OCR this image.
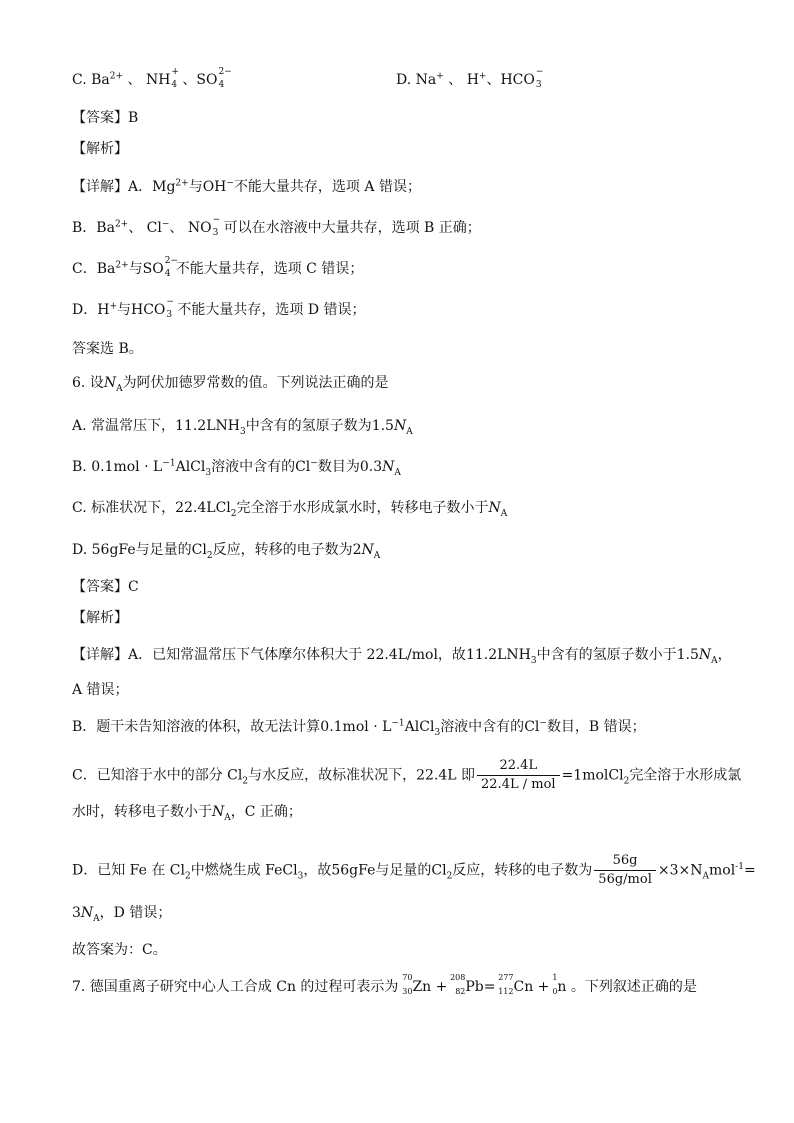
C. $Ba^{2+}$ 、 NH +
4 、SO 2−
4	D. Na+ 、 H+、HCO −
3
【答案】B
【解析】
【详解】A．$Mg^{2+}$与OH−不能大量共存，选项 A 错误；
B．$Ba^{2+}$、 Cl−、 NO −
3 可以在水溶液中大量共存，选项 B 正确；
C．$Ba^{2+}$与SO 2−
4 不能大量共存，选项 C 错误；
D．H+与HCO −
3 不能大量共存，选项 D 错误；
答案选 B。
6. 设$N_A$为阿伏加德罗常数的值。下列说法正确的是
A. 常温常压下，$11.2LNH_3$中含有的氢原子数为$1.5N_A$
B. $0.1mol \cdot L^{-1}AlCl_3$溶液中含有的Cl−数目为$0.3N_A$
C. 标准状况下，22.4LCl$_2$完全溶于水形成氯水时，转移电子数小于$N_A$
D. 56gFe与足量的$Cl_2$反应，转移的电子数为$2N_A$
【答案】C
【解析】
【详解】A．已知常温常压下气体摩尔体积大于 22.4L/mol，故$11.2LNH_3$中含有的氢原子数小于$1.5N_A$，
A 错误；
B．题干未告知溶液的体积，故无法计算$0.1mol \cdot L^{-1}AlCl_3$溶液中含有的Cl−数目，B 错误；
C．已知溶于水中的部分 $Cl_2$与水反应，故标准状况下，22.4L 即 $\frac{22.4L}{\text{22.4L / mol}}$ =1molCl$_2$完全溶于水形成氯
水时，转移电子数小于$N_A$，C 正确；
D．已知 Fe 在 $Cl_2$中燃烧生成 FeCl$_3$，故56gFe与足量的$Cl_2$反应，转移的电子数为 $\frac{56g}{\text{56g/mol}} \times 3\times N_Amol^{-1}=$
$3N_A$，D 错误；
故答案为：C。
7. 德国重离子研究中心人工合成 Cn 的过程可表示为
70
30 Zn +
208
82 Pb=
277
112 Cn +
1
0 n 。下列叙述正确的是
